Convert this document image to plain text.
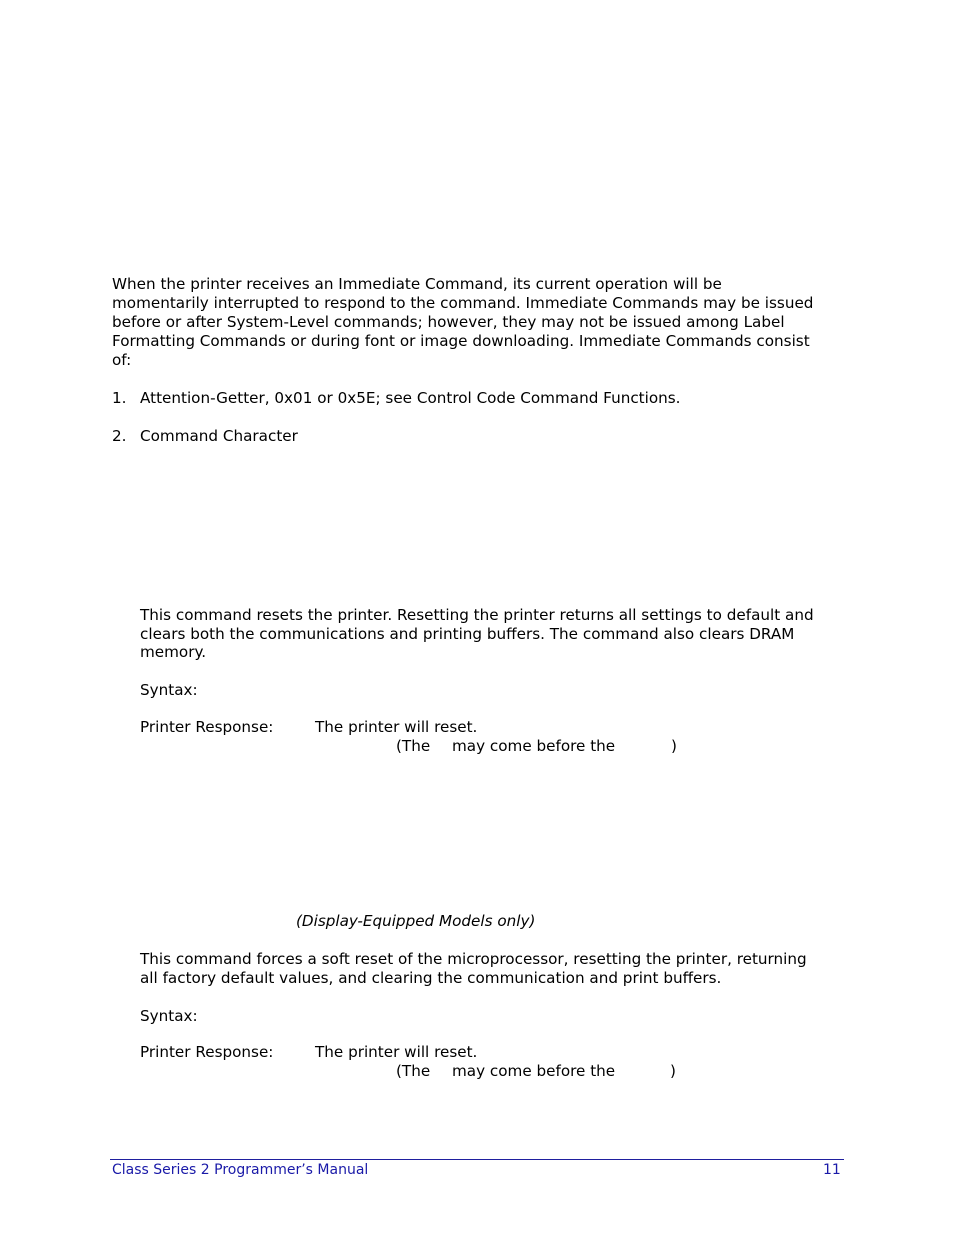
When the printer receives an Immediate Command, its current operation will be
momentarily interrupted to respond to the command. Immediate Commands may be issued
before or after System-Level commands; however, they may not be issued among Label
Formatting Commands or during font or image downloading. Immediate Commands consist
of:
1. Attention-Getter, 0x01 or 0x5E; see Control Code Command Functions.
2. Command Character
This command resets the printer. Resetting the printer returns all settings to default and
clears both the communications and printing buffers. The command also clears DRAM
memory.
Syntax:
Printer Response:	The printer will reset.
(The may come before the	)
(Display-Equipped Models only)
This command forces a soft reset of the microprocessor, resetting the printer, returning
all factory default values, and clearing the communication and print buffers.
Syntax:
Printer Response:	The printer will reset.
(The may come before the	)
Class Series 2 Programmer’s Manual	11
